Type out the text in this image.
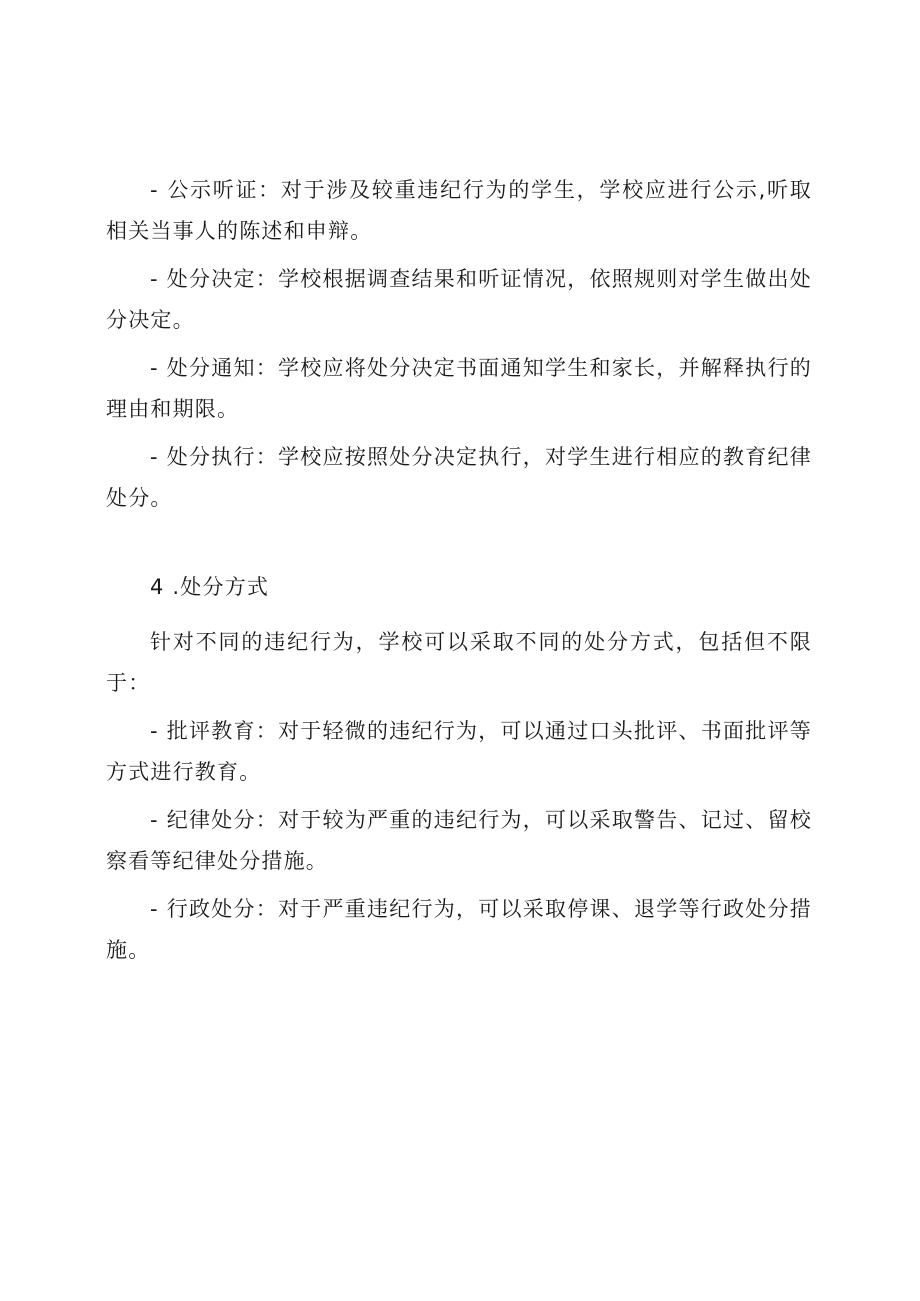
- 公示听证：对于涉及较重违纪行为的学生，学校应进行公示,听取相关当事人的陈述和申辩。

- 处分决定：学校根据调查结果和听证情况，依照规则对学生做出处分决定。

- 处分通知：学校应将处分决定书面通知学生和家长，并解释执行的理由和期限。

- 处分执行：学校应按照处分决定执行，对学生进行相应的教育纪律处分。

4 .处分方式

针对不同的违纪行为，学校可以采取不同的处分方式，包括但不限于：

- 批评教育：对于轻微的违纪行为，可以通过口头批评、书面批评等方式进行教育。

- 纪律处分：对于较为严重的违纪行为，可以采取警告、记过、留校察看等纪律处分措施。

- 行政处分：对于严重违纪行为，可以采取停课、退学等行政处分措施。
